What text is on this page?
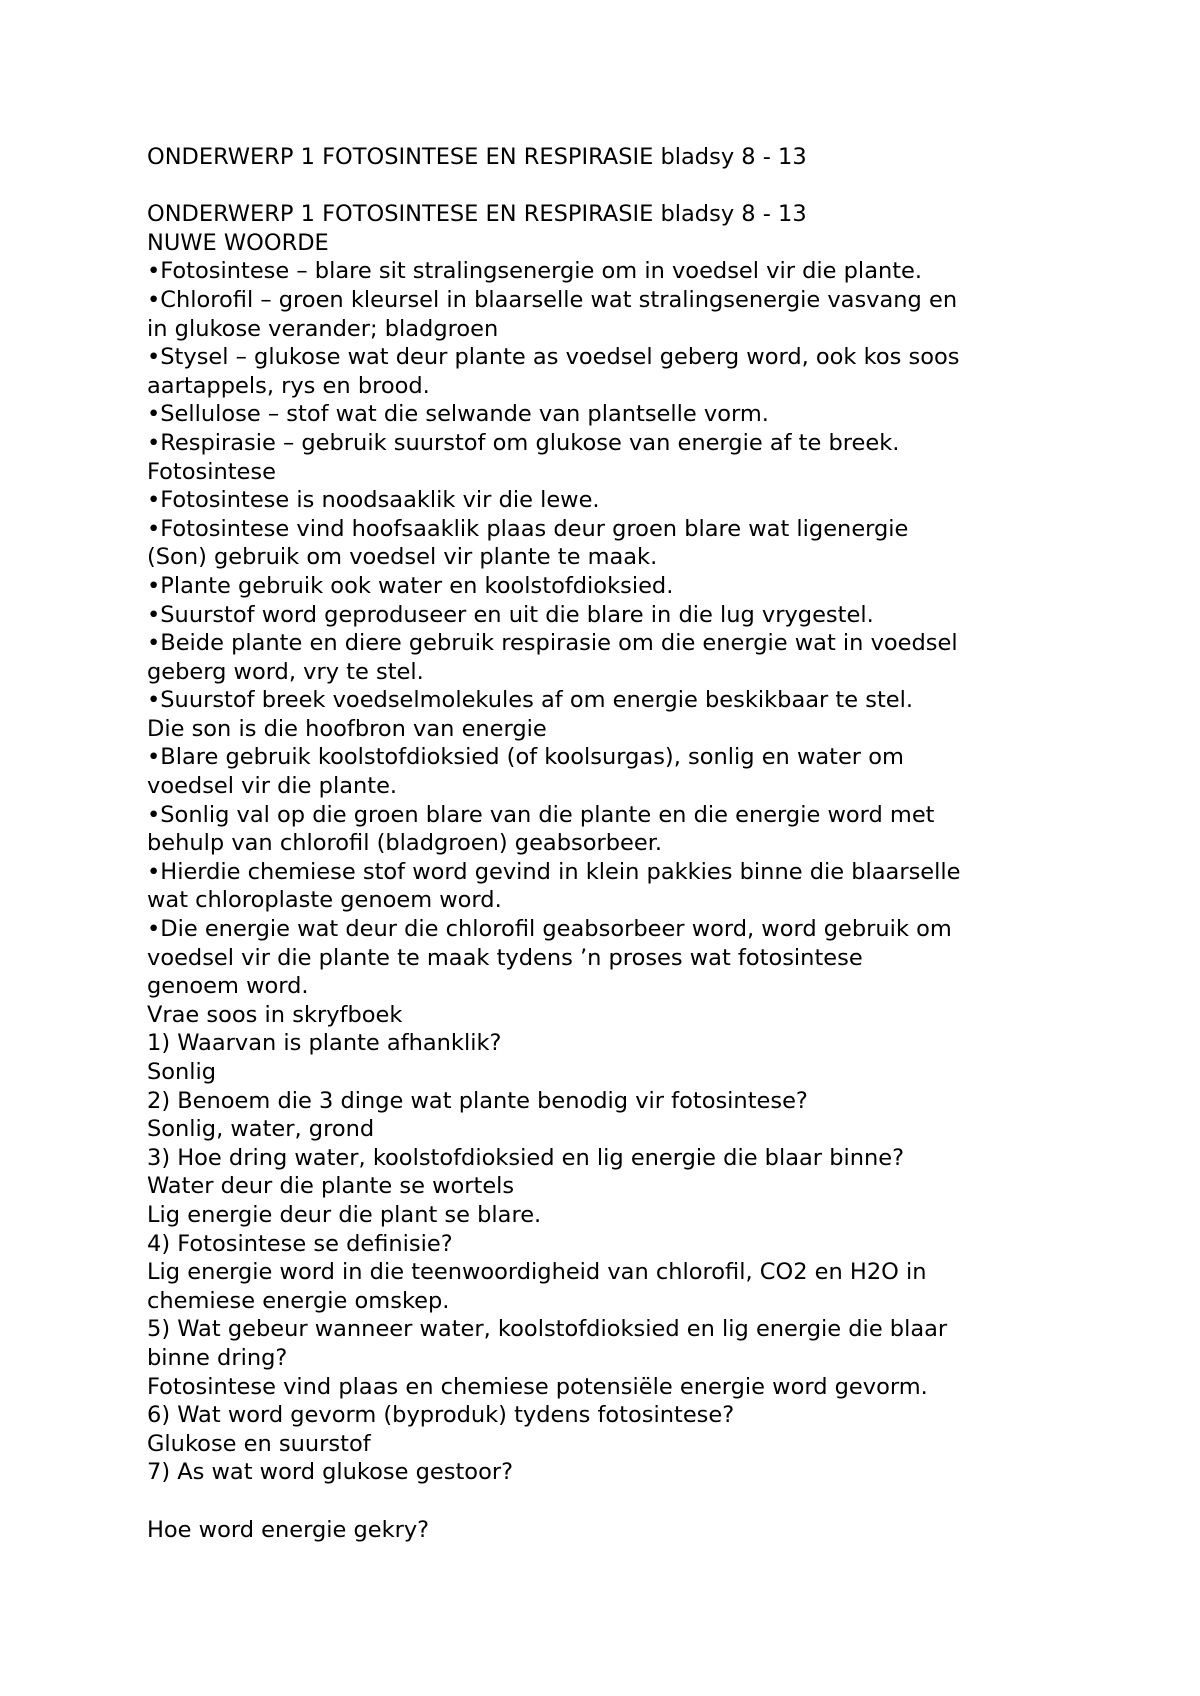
ONDERWERP 1 FOTOSINTESE EN RESPIRASIE bladsy 8 - 13
ONDERWERP 1 FOTOSINTESE EN RESPIRASIE bladsy 8 - 13
NUWE WOORDE
•Fotosintese – blare sit stralingsenergie om in voedsel vir die plante.
•Chlorofil – groen kleursel in blaarselle wat stralingsenergie vasvang en
in glukose verander; bladgroen
•Stysel – glukose wat deur plante as voedsel geberg word, ook kos soos
aartappels, rys en brood.
•Sellulose – stof wat die selwande van plantselle vorm.
•Respirasie – gebruik suurstof om glukose van energie af te breek.
Fotosintese
•Fotosintese is noodsaaklik vir die lewe.
•Fotosintese vind hoofsaaklik plaas deur groen blare wat ligenergie
(Son) gebruik om voedsel vir plante te maak.
•Plante gebruik ook water en koolstofdioksied.
•Suurstof word geproduseer en uit die blare in die lug vrygestel.
•Beide plante en diere gebruik respirasie om die energie wat in voedsel
geberg word, vry te stel.
•Suurstof breek voedselmolekules af om energie beskikbaar te stel.
Die son is die hoofbron van energie
•Blare gebruik koolstofdioksied (of koolsurgas), sonlig en water om
voedsel vir die plante.
•Sonlig val op die groen blare van die plante en die energie word met
behulp van chlorofil (bladgroen) geabsorbeer.
•Hierdie chemiese stof word gevind in klein pakkies binne die blaarselle
wat chloroplaste genoem word.
•Die energie wat deur die chlorofil geabsorbeer word, word gebruik om
voedsel vir die plante te maak tydens ’n proses wat fotosintese
genoem word.
Vrae soos in skryfboek
1) Waarvan is plante afhanklik?
Sonlig
2) Benoem die 3 dinge wat plante benodig vir fotosintese?
Sonlig, water, grond
3) Hoe dring water, koolstofdioksied en lig energie die blaar binne?
Water deur die plante se wortels
Lig energie deur die plant se blare.
4) Fotosintese se definisie?
Lig energie word in die teenwoordigheid van chlorofil, CO2 en H2O in
chemiese energie omskep.
5) Wat gebeur wanneer water, koolstofdioksied en lig energie die blaar
binne dring?
Fotosintese vind plaas en chemiese potensiële energie word gevorm.
6) Wat word gevorm (byproduk) tydens fotosintese?
Glukose en suurstof
7) As wat word glukose gestoor?
Hoe word energie gekry?
